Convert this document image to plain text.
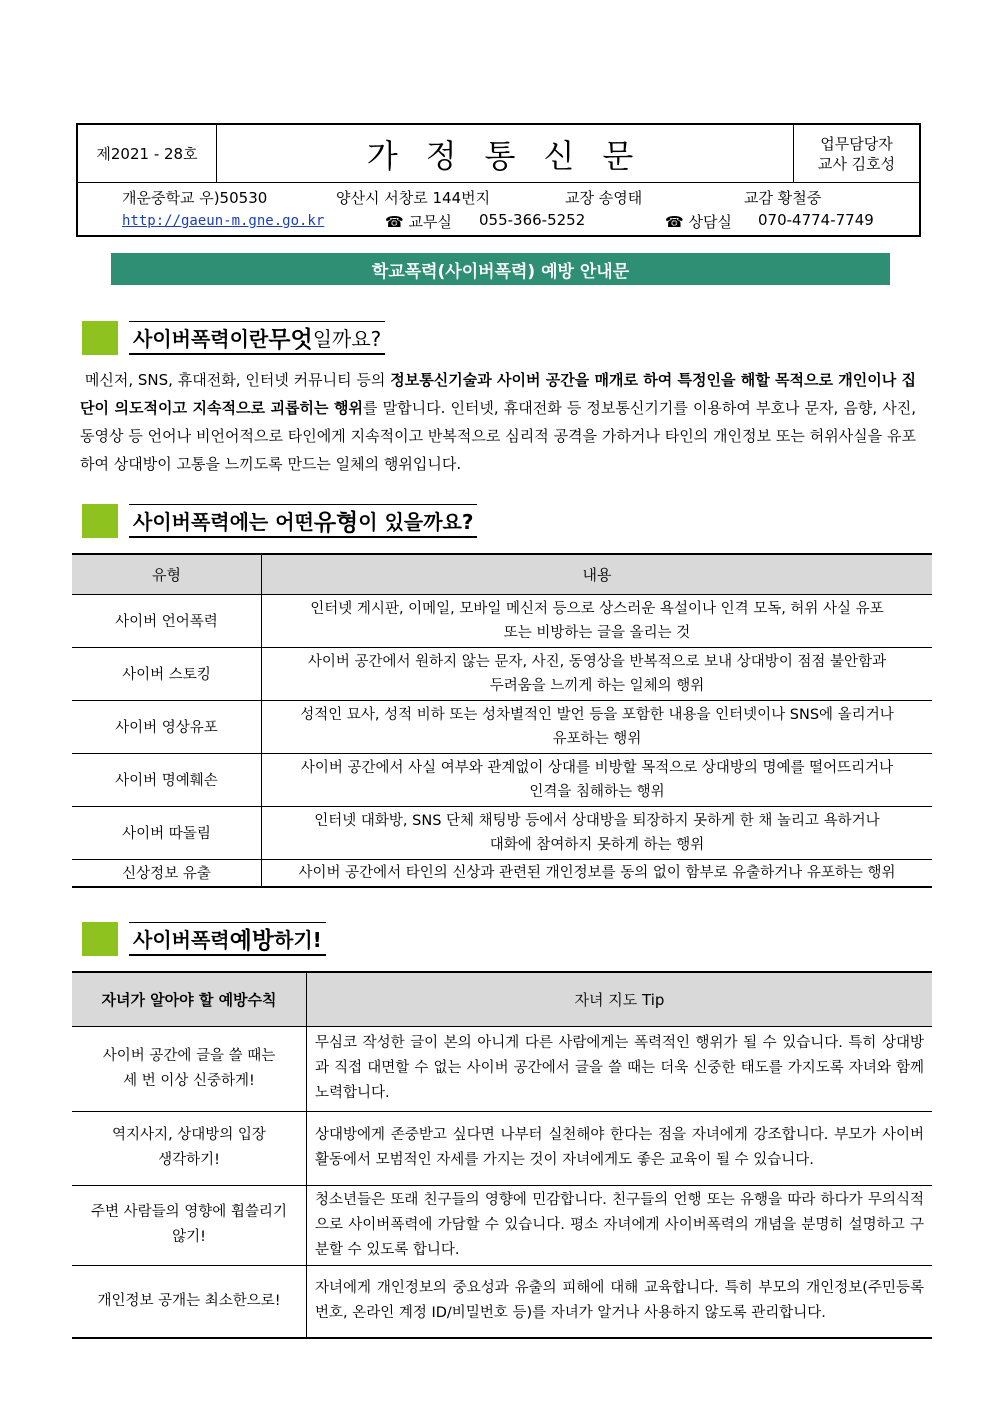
제2021 - 28호	가정통신문	업무담당자
교사 김호성
개운중학교 우)50530	양산시 서창로 144번지	교장 송영태	교감 황철중
http://gaeun-m.gne.go.kr	☎ 교무실 055-366-5252	☎ 상담실 070-4774-7749
학교폭력(사이버폭력) 예방 안내문
사이버폭력이란 무엇 일까요?
메신저, SNS, 휴대전화, 인터넷 커뮤니티 등의 정보통신기술과 사이버 공간을 매개로 하여 특정인을 해할 목적으로 개인이나 집단이 의도적이고 지속적으로 괴롭히는 행위를 말합니다. 인터넷, 휴대전화 등 정보통신기기를 이용하여 부호나 문자, 음향, 사진, 동영상 등 언어나 비언어적으로 타인에게 지속적이고 반복적으로 심리적 공격을 가하거나 타인의 개인정보 또는 허위사실을 유포하여 상대방이 고통을 느끼도록 만드는 일체의 행위입니다.
사이버폭력에는 어떤 유형 이 있을까요?
유형	내용
사이버 언어폭력	인터넷 게시판, 이메일, 모바일 메신저 등으로 상스러운 욕설이나 인격 모독, 허위 사실 유포
또는 비방하는 글을 올리는 것

사이버 스토킹	사이버 공간에서 원하지 않는 문자, 사진, 동영상을 반복적으로 보내 상대방이 점점 불안함과
두려움을 느끼게 하는 일체의 행위

사이버 영상유포	성적인 묘사, 성적 비하 또는 성차별적인 발언 등을 포함한 내용을 인터넷이나 SNS에 올리거나
유포하는 행위

사이버 명예훼손	사이버 공간에서 사실 여부와 관계없이 상대를 비방할 목적으로 상대방의 명예를 떨어뜨리거나
인격을 침해하는 행위

사이버 따돌림	인터넷 대화방, SNS 단체 채팅방 등에서 상대방을 퇴장하지 못하게 한 채 놀리고 욕하거나
대화에 참여하지 못하게 하는 행위

신상정보 유출	사이버 공간에서 타인의 신상과 관련된 개인정보를 동의 없이 함부로 유출하거나 유포하는 행위
사이버폭력 예방 하기!
자녀가 알아야 할 예방수칙	자녀 지도 Tip

사이버 공간에 글을 쓸 때는
세 번 이상 신중하게!	무심코 작성한 글이 본의 아니게 다른 사람에게는 폭력적인 행위가 될 수 있습니다. 특히 상대방과 직접 대면할 수 없는 사이버 공간에서 글을 쓸 때는 더욱 신중한 태도를 가지도록 자녀와 함께 노력합니다.

역지사지, 상대방의 입장
생각하기!	상대방에게 존중받고 싶다면 나부터 실천해야 한다는 점을 자녀에게 강조합니다. 부모가 사이버 활동에서 모범적인 자세를 가지는 것이 자녀에게도 좋은 교육이 될 수 있습니다.

주변 사람들의 영향에 휩쓸리기
않기!	청소년들은 또래 친구들의 영향에 민감합니다. 친구들의 언행 또는 유행을 따라 하다가 무의식적으로 사이버폭력에 가담할 수 있습니다. 평소 자녀에게 사이버폭력의 개념을 분명히 설명하고 구분할 수 있도록 합니다.

개인정보 공개는 최소한으로!	자녀에게 개인정보의 중요성과 유출의 피해에 대해 교육합니다. 특히 부모의 개인정보(주민등록번호, 온라인 계정 ID/비밀번호 등)를 자녀가 알거나 사용하지 않도록 관리합니다.
